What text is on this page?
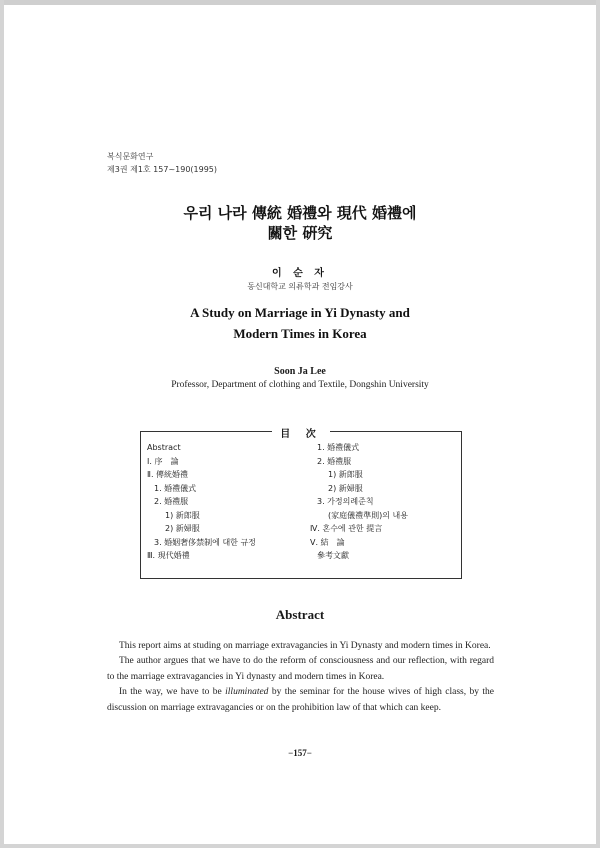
복식문화연구
제3권 제1호 157~190(1995)
우리 나라 傳統 婚禮와 現代 婚禮에
關한 硏究
이 순 자
동신대학교 의류학과 전임강사
A Study on Marriage in Yi Dynasty and
Modern Times in Korea
Soon Ja Lee
Professor, Department of clothing and Textile, Dongshin University
目 次
Abstract
Ⅰ. 序　論
Ⅱ. 傳統婚禮
1. 婚禮儀式
2. 婚禮服
1) 新郎服
2) 新婦服
3. 婚姻奢侈禁制에 대한 규정
Ⅲ. 現代婚禮
1. 婚禮儀式
2. 婚禮服
1) 新郎服
2) 新婦服
3. 가정의례준칙
(家庭儀禮準則)의 내용
Ⅳ. 혼수에 관한 提言
Ⅴ. 結　論
參考文獻
Abstract

This report aims at studing on marriage extravagancies in Yi Dynasty and modern times in Korea.

The author argues that we have to do the reform of consciousness and our reflection, with regard to the marriage extravagancies in Yi dynasty and modern times in Korea.

In the way, we have to be illuminated by the seminar for the house wives of high class, by the discussion on marriage extravagancies or on the prohibition law of that which can keep.

−157−
